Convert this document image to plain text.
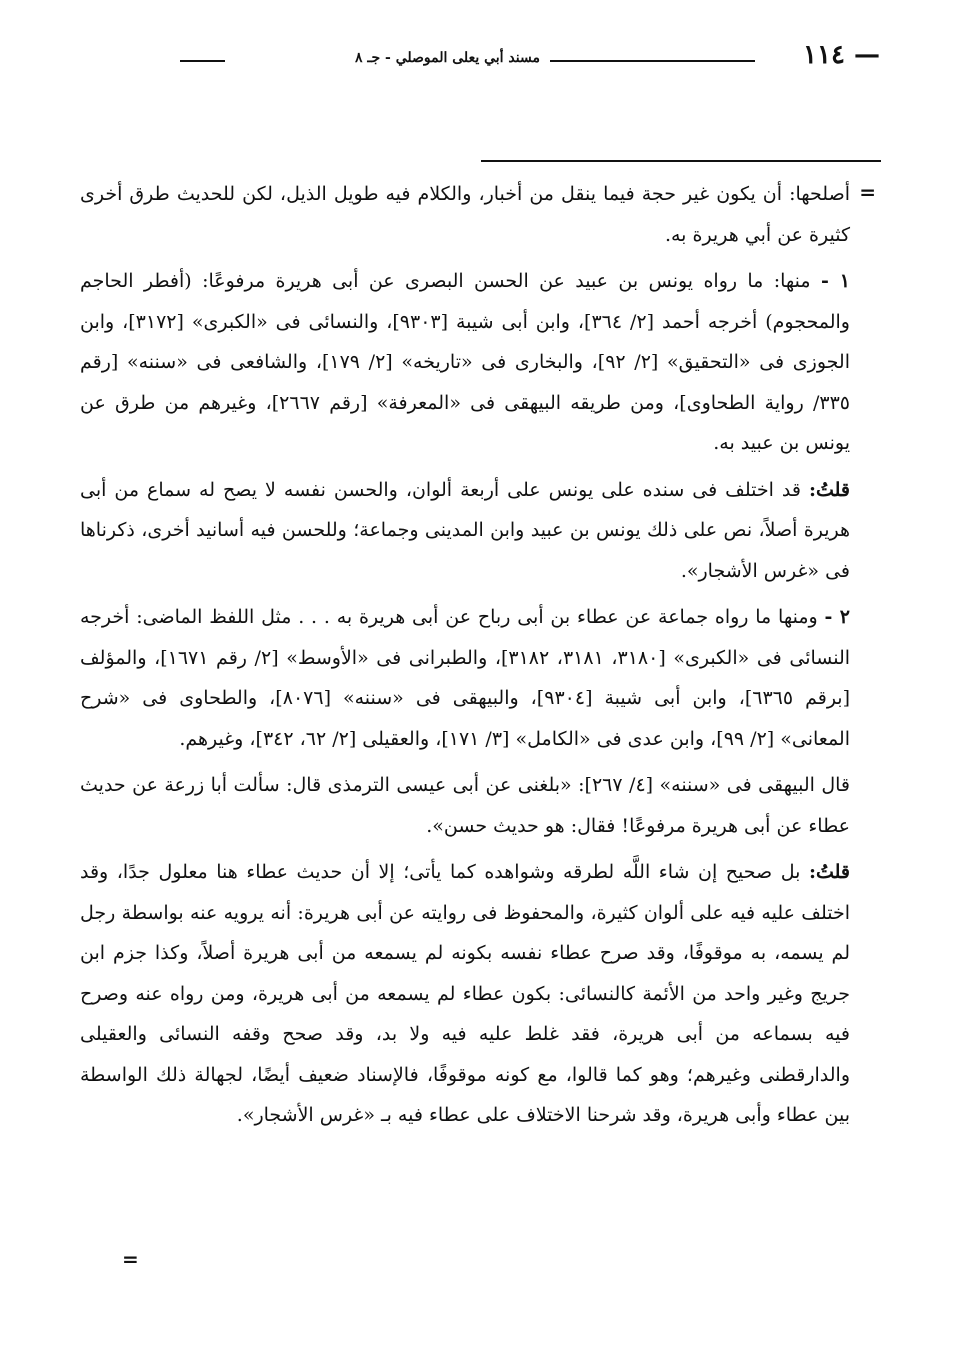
— ١١٤
مسند أبي يعلى الموصلي - جـ ٨
=

أصلحها: أن يكون غير حجة فيما ينقل من أخبار، والكلام فيه طويل الذيل، لكن للحديث طرق أخرى كثيرة عن أبي هريرة به.

١ - منها: ما رواه يونس بن عبيد عن الحسن البصرى عن أبى هريرة مرفوعًا: (أفطر الحاجم والمحجوم) أخرجه أحمد [٢/ ٣٦٤]، وابن أبى شيبة [٩٣٠٣]، والنسائى فى «الكبرى» [٣١٧٢]، وابن الجوزى فى «التحقيق» [٢/ ٩٢]، والبخارى فى «تاريخه» [٢/ ١٧٩]، والشافعى فى «سننه» [رقم ٣٣٥/ رواية الطحاوى]، ومن طريقه البيهقى فى «المعرفة» [رقم ٢٦٦٧]، وغيرهم من طرق عن يونس بن عبيد به.

قلتُ: قد اختلف فى سنده على يونس على أربعة ألوان، والحسن نفسه لا يصح له سماع من أبى هريرة أصلاً، نص على ذلك يونس بن عبيد وابن المدينى وجماعة؛ وللحسن فيه أسانيد أخرى، ذكرناها فى «غرس الأشجار».

٢ - ومنها ما رواه جماعة عن عطاء بن أبى رباح عن أبى هريرة به . . . مثل اللفظ الماضى: أخرجه النسائى فى «الكبرى» [٣١٨٠، ٣١٨١، ٣١٨٢]، والطبرانى فى «الأوسط» [٢/ رقم ١٦٧١]، والمؤلف [برقم ٦٣٦٥]، وابن أبى شيبة [٩٣٠٤]، والبيهقى فى «سننه» [٨٠٧٦]، والطحاوى فى «شرح المعانى» [٢/ ٩٩]، وابن عدى فى «الكامل» [٣/ ١٧١]، والعقيلى [٢/ ٦٢، ٣٤٢]، وغيرهم.

قال البيهقى فى «سننه» [٤/ ٢٦٧]: «بلغنى عن أبى عيسى الترمذى قال: سألت أبا زرعة عن حديث عطاء عن أبى هريرة مرفوعًا! فقال: هو حديث حسن».

قلتُ: بل صحيح إن شاء اللَّه لطرقه وشواهده كما يأتى؛ إلا أن حديث عطاء هنا معلول جدًا، وقد اختلف عليه فيه على ألوان كثيرة، والمحفوظ فى روايته عن أبى هريرة: أنه يرويه عنه بواسطة رجل لم يسمه، به موقوفًا، وقد صرح عطاء نفسه بكونه لم يسمعه من أبى هريرة أصلاً، وكذا جزم ابن جريج وغير واحد من الأئمة كالنسائى: بكون عطاء لم يسمعه من أبى هريرة، ومن رواه عنه وصرح فيه بسماعه من أبى هريرة، فقد غلط عليه فيه ولا بد، وقد صحح وقفه النسائى والعقيلى والدارقطنى وغيرهم؛ وهو كما قالوا، مع كونه موقوفًا، فالإسناد ضعيف أيضًا، لجهالة ذلك الواسطة بين عطاء وأبى هريرة، وقد شرحنا الاختلاف على عطاء فيه بـ «غرس الأشجار».

=
